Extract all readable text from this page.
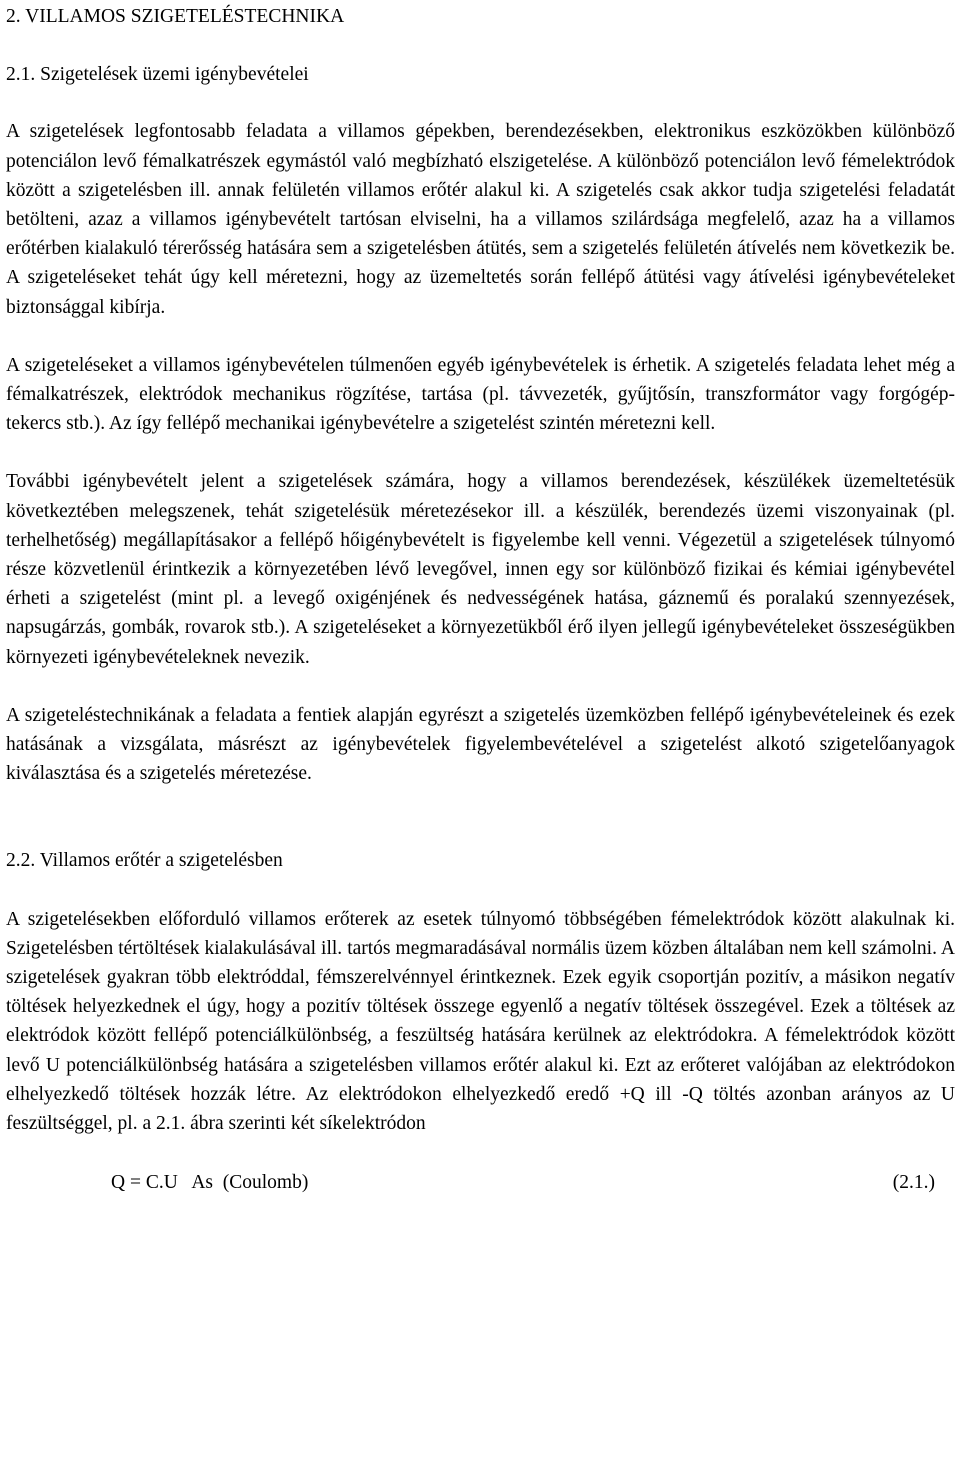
2. VILLAMOS SZIGETELÉSTECHNIKA

2.1. Szigetelések üzemi igénybevételei

A szigetelések legfontosabb feladata a villamos gépekben, berendezésekben, elektronikus eszközökben különböző potenciálon levő fémalkatrészek egymástól való megbízható elszigetelése. A különböző potenciálon levő fémelektródok között a szigetelésben ill. annak felületén villamos erőtér alakul ki. A szigetelés csak akkor tudja szigetelési feladatát betölteni, azaz a villamos igénybevételt tartósan elviselni, ha a villamos szilárdsága megfelelő, azaz ha a villamos erőtérben kialakuló térerősség hatására sem a szigetelésben átütés, sem a szigetelés felületén átívelés nem következik be. A szigeteléseket tehát úgy kell méretezni, hogy az üzemeltetés során fellépő átütési vagy átívelési igénybevételeket biztonsággal kibírja.

A szigeteléseket a villamos igénybevételen túlmenően egyéb igénybevételek is érhetik. A szigetelés feladata lehet még a fémalkatrészek, elektródok mechanikus rögzítése, tartása (pl. távvezeték, gyűjtősín, transzformátor vagy forgógép-tekercs stb.). Az így fellépő mechanikai igénybevételre a szigetelést szintén méretezni kell.

További igénybevételt jelent a szigetelések számára, hogy a villamos berendezések, készülékek üzemeltetésük következtében melegszenek, tehát szigetelésük méretezésekor ill. a készülék, berendezés üzemi viszonyainak (pl. terhelhetőség) megállapításakor a fellépő hőigénybevételt is figyelembe kell venni. Végezetül a szigetelések túlnyomó része közvetlenül érintkezik a környezetében lévő levegővel, innen egy sor különböző fizikai és kémiai igénybevétel érheti a szigetelést (mint pl. a levegő oxigénjének és nedvességének hatása, gáznemű és poralakú szennyezések, napsugárzás, gombák, rovarok stb.). A szigeteléseket a környezetükből érő ilyen jellegű igénybevételeket összeségükben környezeti igénybevételeknek nevezik.

A szigeteléstechnikának a feladata a fentiek alapján egyrészt a szigetelés üzemközben fellépő igénybevételeinek és ezek hatásának a vizsgálata, másrészt az igénybevételek figyelembevételével a szigetelést alkotó szigetelőanyagok kiválasztása és a szigetelés méretezése.

2.2. Villamos erőtér a szigetelésben

A szigetelésekben előforduló villamos erőterek az esetek túlnyomó többségében fémelektródok között alakulnak ki. Szigetelésben tértöltések kialakulásával ill. tartós megmaradásával normális üzem közben általában nem kell számolni. A szigetelések gyakran több elektróddal, fémszerelvénnyel érintkeznek. Ezek egyik csoportján pozitív, a másikon negatív töltések helyezkednek el úgy, hogy a pozitív töltések összege egyenlő a negatív töltések összegével. Ezek a töltések az elektródok között fellépő potenciálkülönbség, a feszültség hatására kerülnek az elektródokra. A fémelektródok között levő U potenciálkülönbség hatására a szigetelésben villamos erőtér alakul ki. Ezt az erőteret valójában az elektródokon elhelyezkedő töltések hozzák létre. Az elektródokon elhelyezkedő eredő +Q ill -Q töltés azonban arányos az U feszültséggel, pl. a 2.1. ábra szerinti két síkelektródon

Q = C.U   As  (Coulomb)	(2.1.)
